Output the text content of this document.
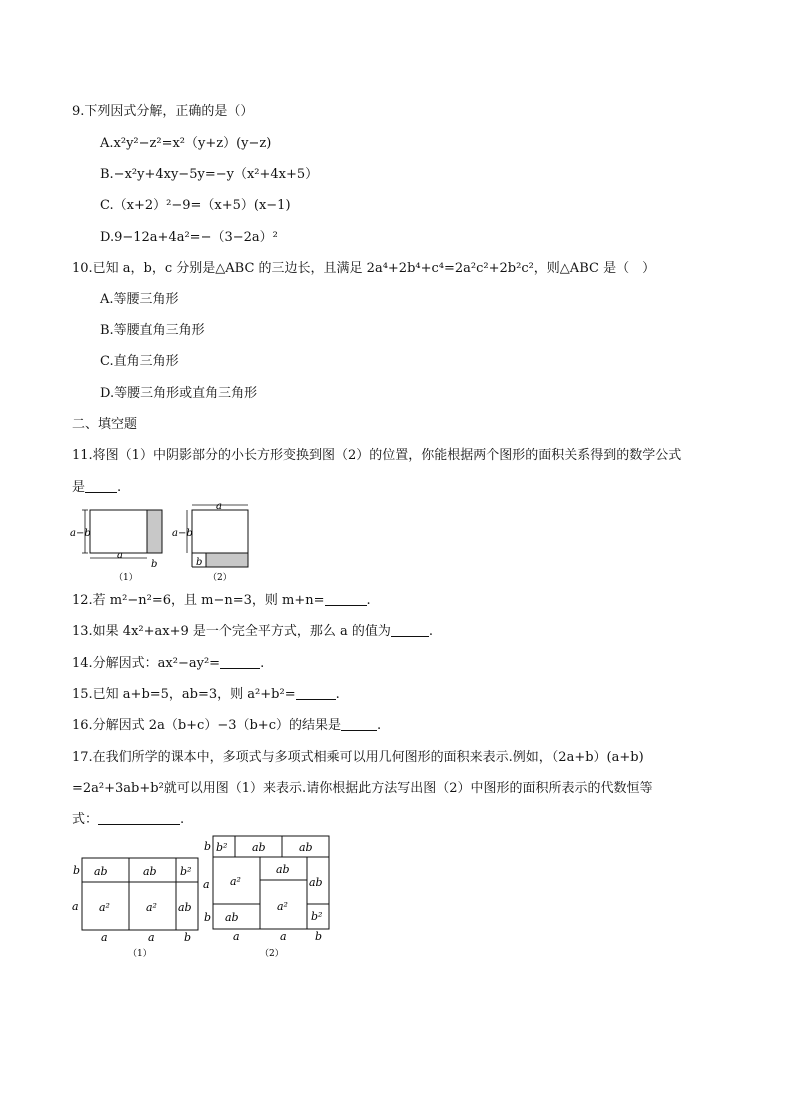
9.下列因式分解，正确的是（）
A.x²y²−z²=x²（y+z）(y−z)
B.−x²y+4xy−5y=−y（x²+4x+5）
C.（x+2）²−9=（x+5）(x−1)
D.9−12a+4a²=−（3−2a）²
10.已知 a，b，c 分别是△ABC 的三边长，且满足 2a⁴+2b⁴+c⁴=2a²c²+2b²c²，则△ABC 是（　）
A.等腰三角形
B.等腰直角三角形
C.直角三角形
D.等腰三角形或直角三角形
二、填空题
11.将图（1）中阴影部分的小长方形变换到图（2）的位置，你能根据两个图形的面积关系得到的数学公式
是 .
a−b
a
b
（1）
a
a−b
b
（2）
12.若 m²−n²=6，且 m−n=3，则 m+n=	.
13.如果 4x²+ax+9 是一个完全平方式，那么 a 的值为	.
14.分解因式：ax²−ay²=	.
15.已知 a+b=5，ab=3，则 a²+b²=	.
16.分解因式 2a（b+c）−3（b+c）的结果是	.
17.在我们所学的课本中，多项式与多项式相乘可以用几何图形的面积来表示.例如，（2a+b）(a+b)
=2a²+3ab+b²就可以用图（1）来表示.请你根据此方法写出图（2）中图形的面积所表示的代数恒等
式：	.
ab	ab b²
a²	a² ab
b
a
a	a	b
（1）
b² ab	ab
a²
ab
ab
a²
ab
b²
b
a
b
a	a	b
（2）
